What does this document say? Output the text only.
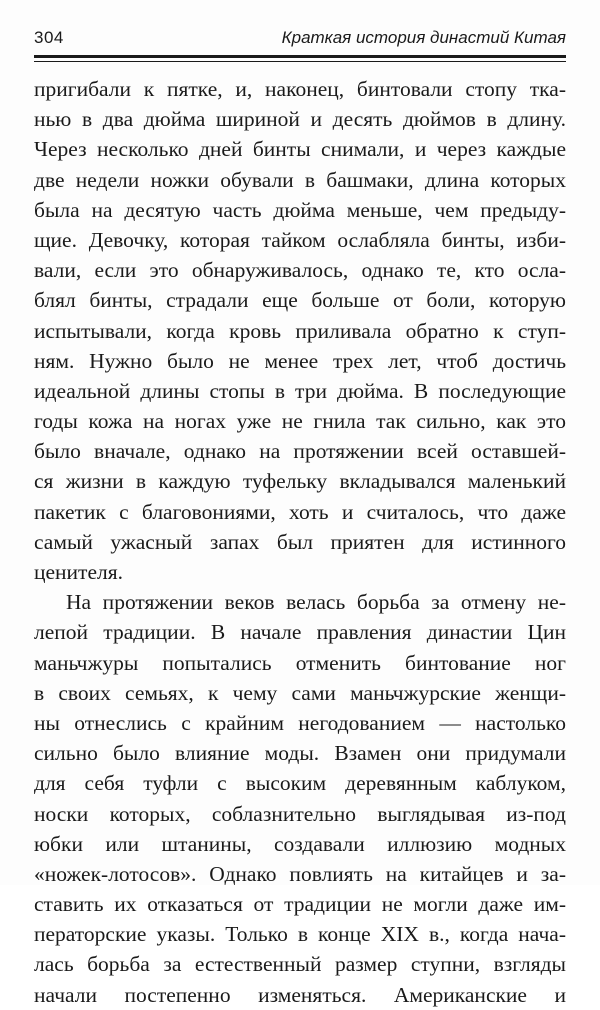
304	Краткая история династий Китая
пригибали к пятке, и, наконец, бинтовали стопу тка-
нью в два дюйма шириной и десять дюймов в длину.
Через несколько дней бинты снимали, и через каждые
две недели ножки обували в башмаки, длина которых
была на десятую часть дюйма меньше, чем предыду-
щие. Девочку, которая тайком ослабляла бинты, изби-
вали, если это обнаруживалось, однако те, кто осла-
блял бинты, страдали еще больше от боли, которую
испытывали, когда кровь приливала обратно к ступ-
ням. Нужно было не менее трех лет, чтоб достичь
идеальной длины стопы в три дюйма. В последующие
годы кожа на ногах уже не гнила так сильно, как это
было вначале, однако на протяжении всей оставшей-
ся жизни в каждую туфельку вкладывался маленький
пакетик с благовониями, хоть и считалось, что даже
самый ужасный запах был приятен для истинного
ценителя.
На протяжении веков велась борьба за отмену не-
лепой традиции. В начале правления династии Цин
маньчжуры попытались отменить бинтование ног
в своих семьях, к чему сами маньчжурские женщи-
ны отнеслись с крайним негодованием — настолько
сильно было влияние моды. Взамен они придумали
для себя туфли с высоким деревянным каблуком,
носки которых, соблазнительно выглядывая из-под
юбки или штанины, создавали иллюзию модных
«ножек-лотосов». Однако повлиять на китайцев и за-
ставить их отказаться от традиции не могли даже им-
ператорские указы. Только в конце XIX в., когда нача-
лась борьба за естественный размер ступни, взгляды
начали постепенно изменяться. Американские и
